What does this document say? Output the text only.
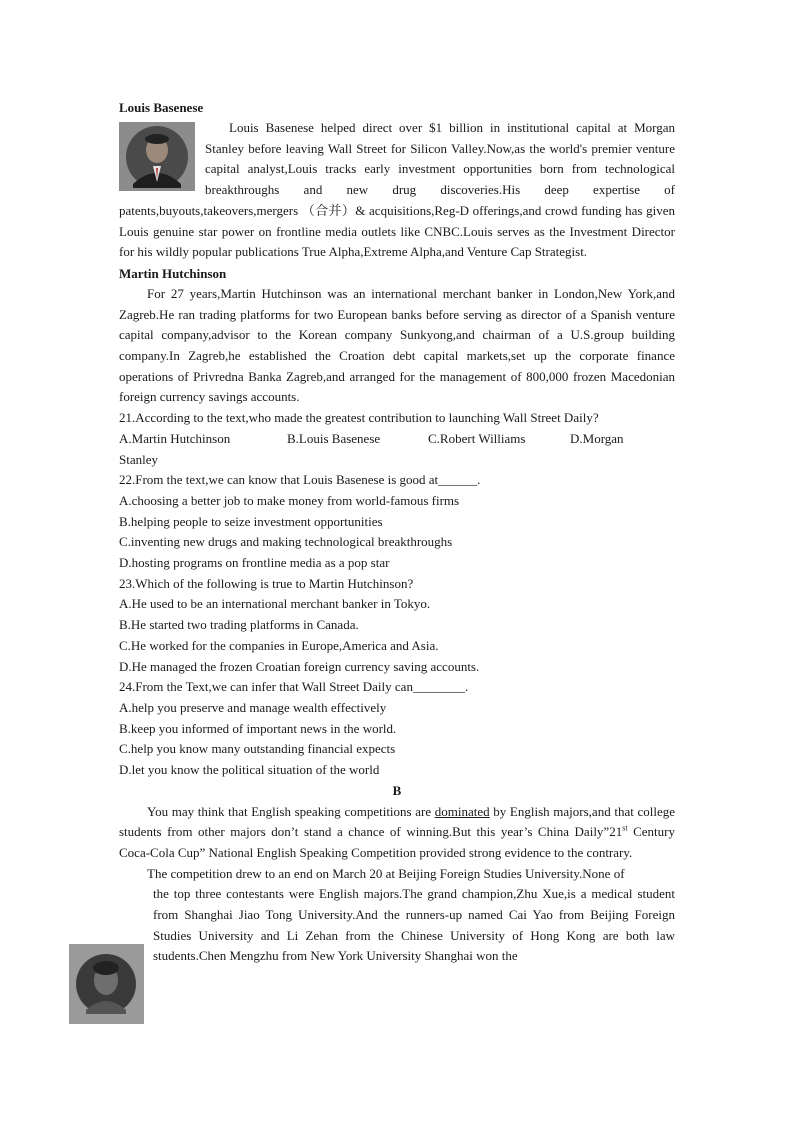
Louis Basenese

Louis Basenese helped direct over $1 billion in institutional capital at Morgan Stanley before leaving Wall Street for Silicon Valley.Now,as the world's premier venture capital analyst,Louis tracks early investment opportunities born from technological breakthroughs and new drug discoveries.His deep expertise of patents,buyouts,takeovers,mergers （合并）& acquisitions,Reg-D offerings,and crowd funding has given Louis genuine star power on frontline media outlets like CNBC.Louis serves as the Investment Director for his wildly popular publications True Alpha,Extreme Alpha,and Venture Cap Strategist.

Martin Hutchinson

For 27 years,Martin Hutchinson was an international merchant banker in London,New York,and Zagreb.He ran trading platforms for two European banks before serving as director of a Spanish venture capital company,advisor to the Korean company Sunkyong,and chairman of a U.S.group building company.In Zagreb,he established the Croation debt capital markets,set up the corporate finance operations of Privredna Banka Zagreb,and arranged for the management of 800,000 frozen Macedonian foreign currency savings accounts.

21.According to the text,who made the greatest contribution to launching Wall Street Daily?

A.Martin Hutchinson	B.Louis Basenese	C.Robert Williams	D.Morgan
Stanley
22.From the text,we can know that Louis Basenese is good at______.
A.choosing a better job to make money from world-famous firms
B.helping people to seize investment opportunities
C.inventing new drugs and making technological breakthroughs
D.hosting programs on frontline media as a pop star
23.Which of the following is true to Martin Hutchinson?
A.He used to be an international merchant banker in Tokyo.
B.He started two trading platforms in Canada.
C.He worked for the companies in Europe,America and Asia.
D.He managed the frozen Croatian foreign currency saving accounts.
24.From the Text,we can infer that Wall Street Daily can________.
A.help you preserve and manage wealth effectively
B.keep you informed of important news in the world.
C.help you know many outstanding financial expects
D.let you know the political situation of the world
B

You may think that English speaking competitions are dominated by English majors,and that college students from other majors don’t stand a chance of winning.But this year’s China Daily”21st Century Coca-Cola Cup” National English Speaking Competition provided strong evidence to the contrary.

The competition drew to an end on March 20 at Beijing Foreign Studies University.None of

the top three contestants were English majors.The grand champion,Zhu Xue,is a medical student from Shanghai Jiao Tong University.And the runners-up named Cai Yao from Beijing Foreign Studies University and Li Zehan from the Chinese University of Hong Kong are both law students.Chen Mengzhu from New York University Shanghai won the
